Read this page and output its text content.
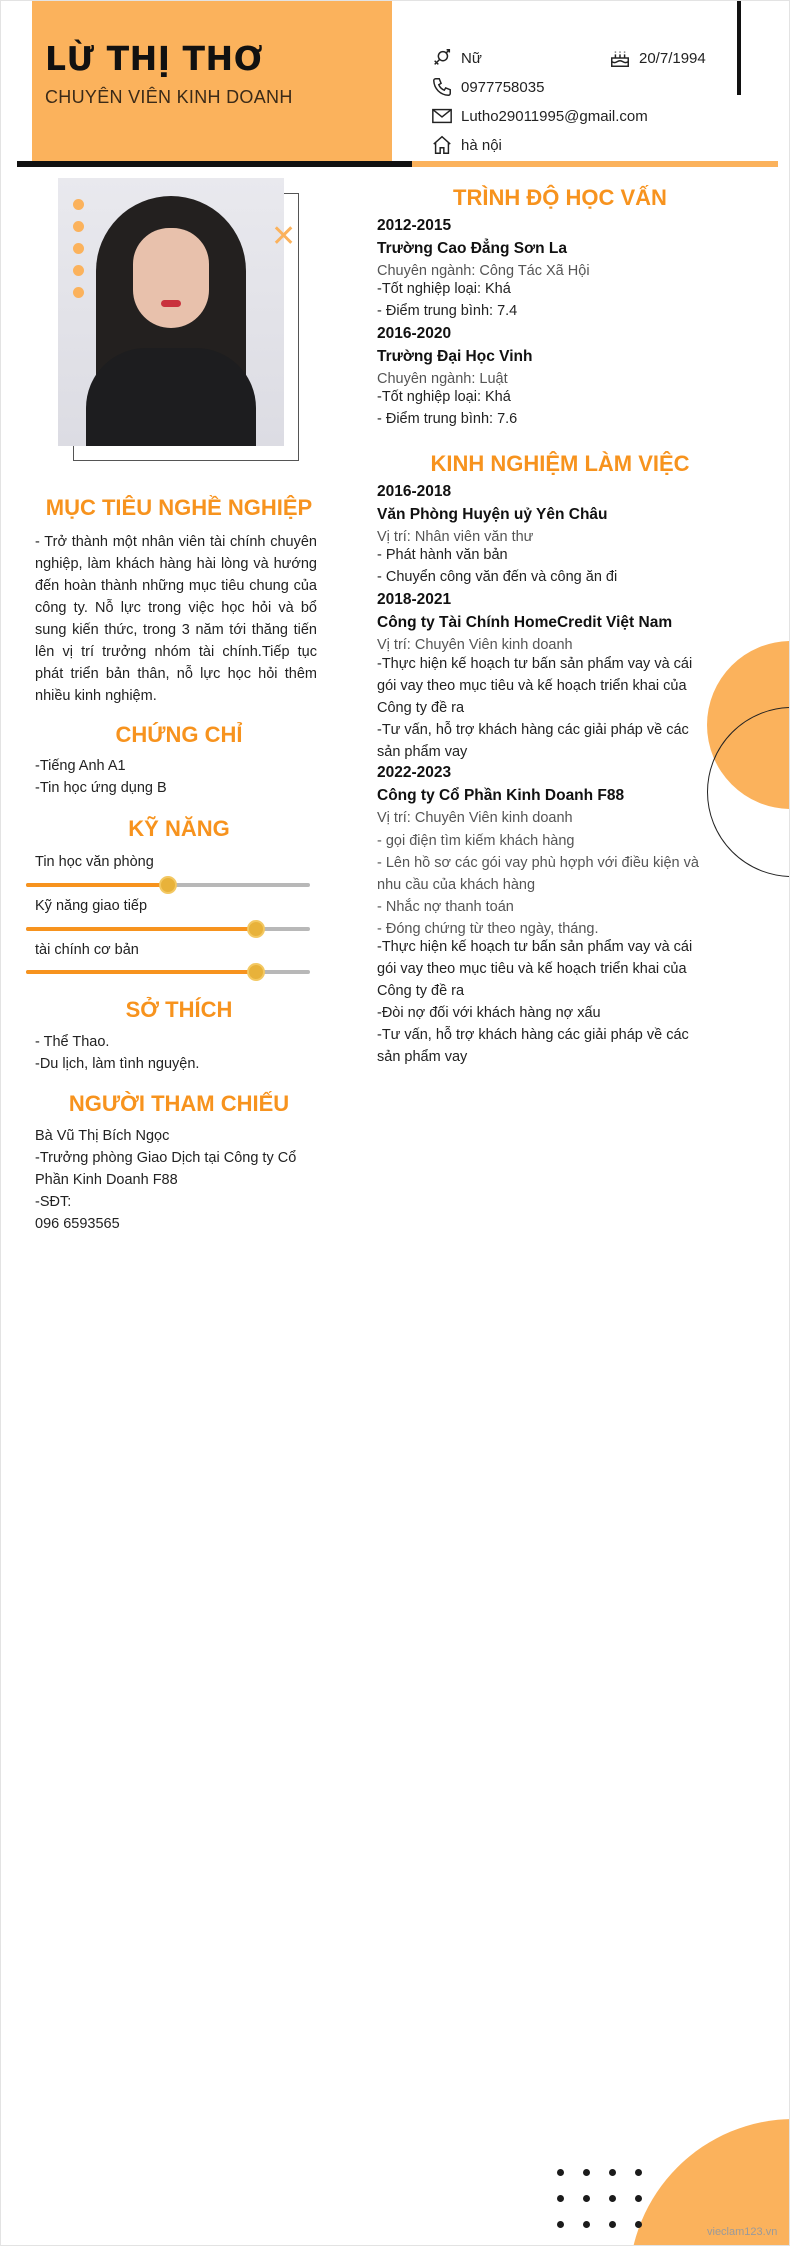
LỪ THỊ THƠ
CHUYÊN VIÊN KINH DOANH
Nữ	20/7/1994
0977758035
Lutho29011995@gmail.com
hà nội
✕
MỤC TIÊU NGHỀ NGHIỆP
- Trở thành một nhân viên tài chính chuyên nghiệp, làm khách hàng hài lòng và hướng đến hoàn thành những mục tiêu chung của công ty. Nỗ lực trong việc học hỏi và bổ sung kiến thức, trong 3 năm tới thăng tiến lên vị trí trưởng nhóm tài chính.Tiếp tục phát triển bản thân, nỗ lực học hỏi thêm nhiều kinh nghiệm.
CHỨNG CHỈ
-Tiếng Anh A1
-Tin học ứng dụng B
KỸ NĂNG
Tin học văn phòng
Kỹ năng giao tiếp
tài chính cơ bản
SỞ THÍCH
- Thể Thao.
-Du lịch, làm tình nguyện.
NGƯỜI THAM CHIẾU
Bà Vũ Thị Bích Ngọc
-Trưởng phòng Giao Dịch tại Công ty Cổ Phần Kinh Doanh F88
-SĐT:
096 6593565
TRÌNH ĐỘ HỌC VẤN
2012-2015
Trường Cao Đẳng Sơn La
Chuyên ngành: Công Tác Xã Hội
-Tốt nghiệp loại: Khá
- Điểm trung bình: 7.4
2016-2020
Trường Đại Học Vinh
Chuyên ngành: Luật
-Tốt nghiệp loại: Khá
- Điểm trung bình: 7.6
KINH NGHIỆM LÀM VIỆC
2016-2018
Văn Phòng Huyện uỷ Yên Châu
Vị trí: Nhân viên văn thư
- Phát hành văn bản
- Chuyển công văn đến và công ăn đi
2018-2021
Công ty Tài Chính HomeCredit Việt Nam
Vị trí: Chuyên Viên kinh doanh
-Thực hiện kế hoạch tư bấn sản phẩm vay và cái gói vay theo mục tiêu và kế hoạch triển khai của Công ty đề ra
-Tư vấn, hỗ trợ khách hàng các giải pháp về các sản phẩm vay
2022-2023
Công ty Cổ Phần Kinh Doanh F88
Vị trí: Chuyên Viên kinh doanh
- gọi điện tìm kiếm khách hàng
- Lên hồ sơ các gói vay phù hợph với điều kiện và nhu cầu của khách hàng
- Nhắc nợ thanh toán
- Đóng chứng từ theo ngày, tháng.
-Thực hiện kế hoạch tư bấn sản phẩm vay và cái gói vay theo mục tiêu và kế hoạch triển khai của Công ty đề ra
-Đòi nợ đối với khách hàng nợ xấu
-Tư vấn, hỗ trợ khách hàng các giải pháp về các sản phẩm vay
vieclam123.vn
